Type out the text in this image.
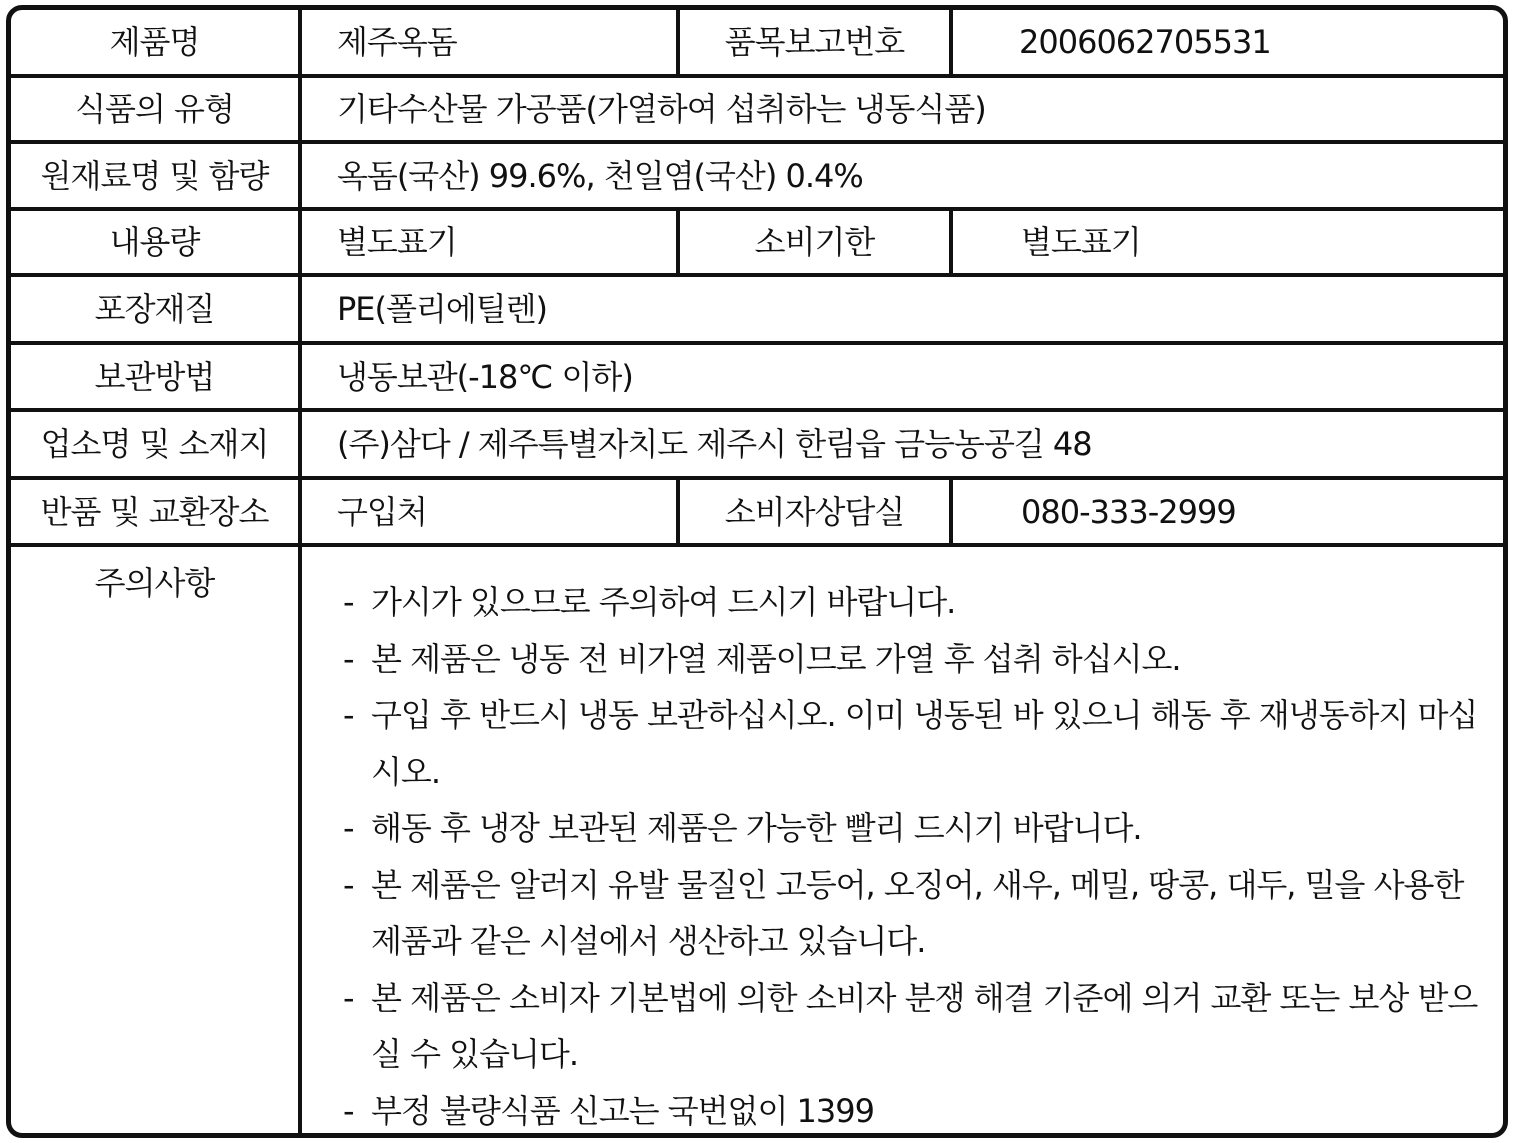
제품명	제주옥돔	품목보고번호	2006062705531
식품의 유형	기타수산물 가공품(가열하여 섭취하는 냉동식품)
원재료명 및 함량	옥돔(국산) 99.6%, 천일염(국산) 0.4%
내용량	별도표기	소비기한	별도표기
포장재질	PE(폴리에틸렌)
보관방법	냉동보관(-18℃ 이하)
업소명 및 소재지	(주)삼다 / 제주특별자치도 제주시 한림읍 금능농공길 48
반품 및 교환장소	구입처	소비자상담실	080-333-2999
주의사항	- 가시가 있으므로 주의하여 드시기 바랍니다.
- 본 제품은 냉동 전 비가열 제품이므로 가열 후 섭취 하십시오.
- 구입 후 반드시 냉동 보관하십시오. 이미 냉동된 바 있으니 해동 후 재냉동하지 마십시오.
- 해동 후 냉장 보관된 제품은 가능한 빨리 드시기 바랍니다.
- 본 제품은 알러지 유발 물질인 고등어, 오징어, 새우, 메밀, 땅콩, 대두, 밀을 사용한 제품과 같은 시설에서 생산하고 있습니다.
- 본 제품은 소비자 기본법에 의한 소비자 분쟁 해결 기준에 의거 교환 또는 보상 받으실 수 있습니다.
- 부정 불량식품 신고는 국번없이 1399
